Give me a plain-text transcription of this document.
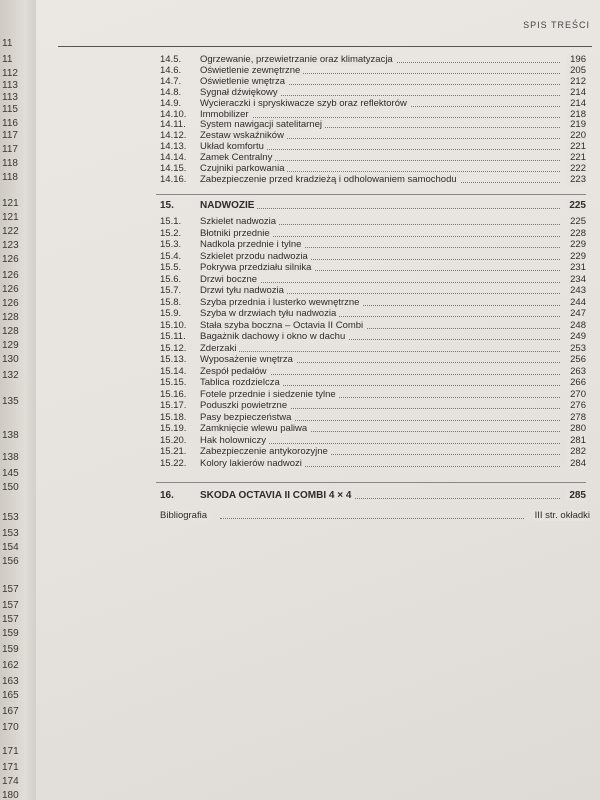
11
11
112
113
113
115
116
117
117
118
118
121
121
122
123
126
126
126
126
128
128
129
130
132
135
138
138
145
150
153
153
154
156
157
157
157
159
159
162
163
165
167
170
171
171
174
180
SPIS TREŚCI
14.5. Ogrzewanie, przewietrzanie oraz klimatyzacja	196
14.6. Oświetlenie zewnętrzne	205
14.7. Oświetlenie wnętrza	212
14.8. Sygnał dźwiękowy	214
14.9. Wycieraczki i spryskiwacze szyb oraz reflektorów	214
14.10. Immobilizer	218
14.11. System nawigacji satelitarnej	219
14.12. Zestaw wskaźników	220
14.13. Układ komfortu	221
14.14. Zamek Centralny	221
14.15. Czujniki parkowania	222
14.16. Zabezpieczenie przed kradzieżą i odholowaniem samochodu	223
15.	NADWOZIE	225
15.1. Szkielet nadwozia	225
15.2. Błotniki przednie	228
15.3. Nadkola przednie i tylne	229
15.4. Szkielet przodu nadwozia	229
15.5. Pokrywa przedziału silnika	231
15.6. Drzwi boczne	234
15.7. Drzwi tyłu nadwozia	243
15.8. Szyba przednia i lusterko wewnętrzne	244
15.9. Szyba w drzwiach tyłu nadwozia	247
15.10. Stała szyba boczna – Octavia II Combi	248
15.11. Bagażnik dachowy i okno w dachu	249
15.12. Zderzaki	253
15.13. Wyposażenie wnętrza	256
15.14. Zespół pedałów	263
15.15. Tablica rozdzielcza	266
15.16. Fotele przednie i siedzenie tylne	270
15.17. Poduszki powietrzne	276
15.18. Pasy bezpieczeństwa	278
15.19. Zamknięcie wlewu paliwa	280
15.20. Hak holowniczy	281
15.21. Zabezpieczenie antykorozyjne	282
15.22. Kolory lakierów nadwozi	284
16.	SKODA OCTAVIA II COMBI 4 × 4	285
Bibliografia	III str. okładki
